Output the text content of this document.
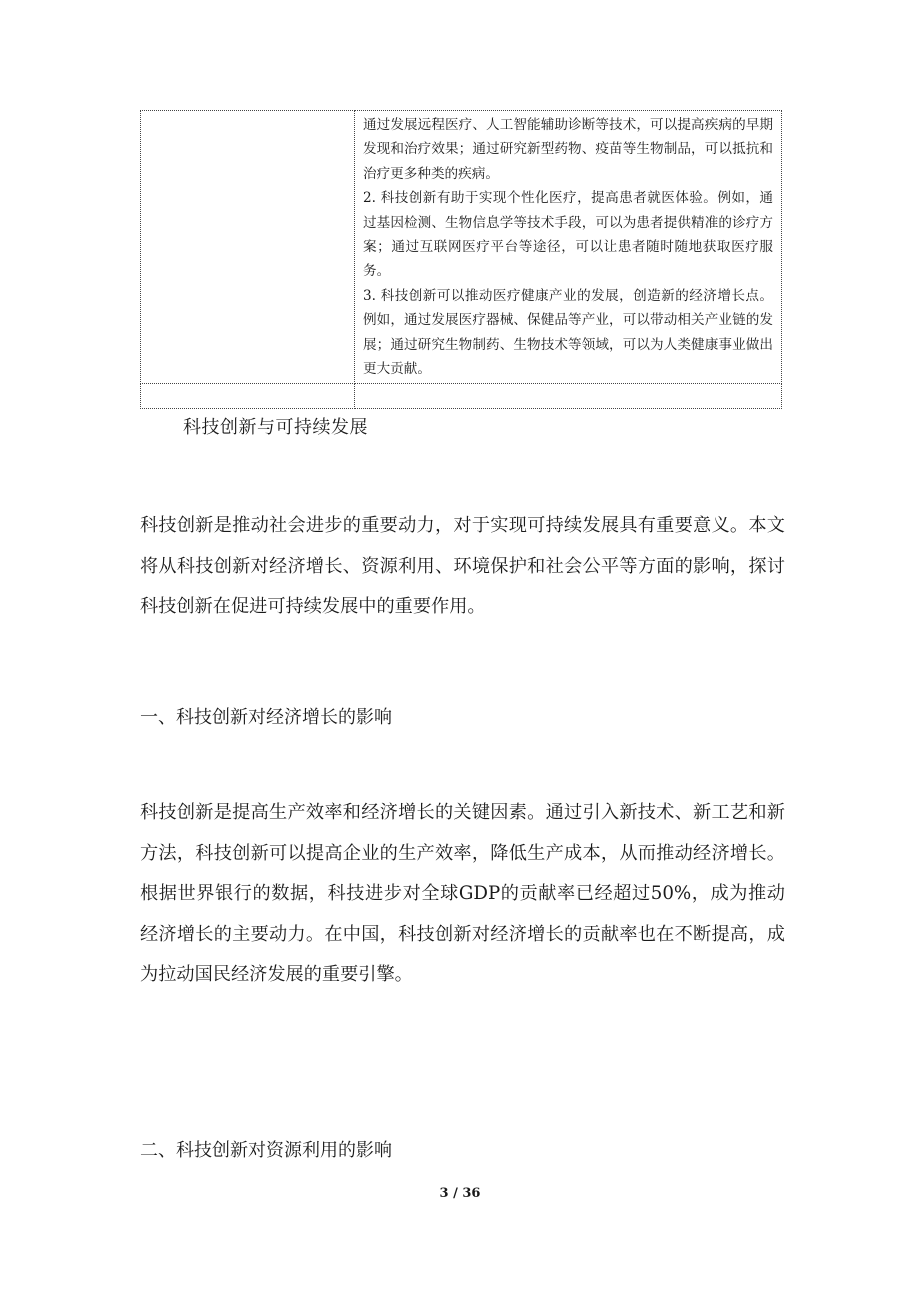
	通过发展远程医疗、人工智能辅助诊断等技术，可以提高疾病的早期发现和治疗效果；通过研究新型药物、疫苗等生物制品，可以抵抗和治疗更多种类的疾病。

2. 科技创新有助于实现个性化医疗，提高患者就医体验。例如，通过基因检测、生物信息学等技术手段，可以为患者提供精准的诊疗方案；通过互联网医疗平台等途径，可以让患者随时随地获取医疗服务。

3. 科技创新可以推动医疗健康产业的发展，创造新的经济增长点。例如，通过发展医疗器械、保健品等产业，可以带动相关产业链的发展；通过研究生物制药、生物技术等领域，可以为人类健康事业做出更大贡献。

科技创新与可持续发展

科技创新是推动社会进步的重要动力，对于实现可持续发展具有重要意义。本文将从科技创新对经济增长、资源利用、环境保护和社会公平等方面的影响，探讨科技创新在促进可持续发展中的重要作用。

一、科技创新对经济增长的影响

科技创新是提高生产效率和经济增长的关键因素。通过引入新技术、新工艺和新方法，科技创新可以提高企业的生产效率，降低生产成本，从而推动经济增长。根据世界银行的数据，科技进步对全球GDP的贡献率已经超过50%，成为推动经济增长的主要动力。在中国，科技创新对经济增长的贡献率也在不断提高，成为拉动国民经济发展的重要引擎。

二、科技创新对资源利用的影响

3 / 36
